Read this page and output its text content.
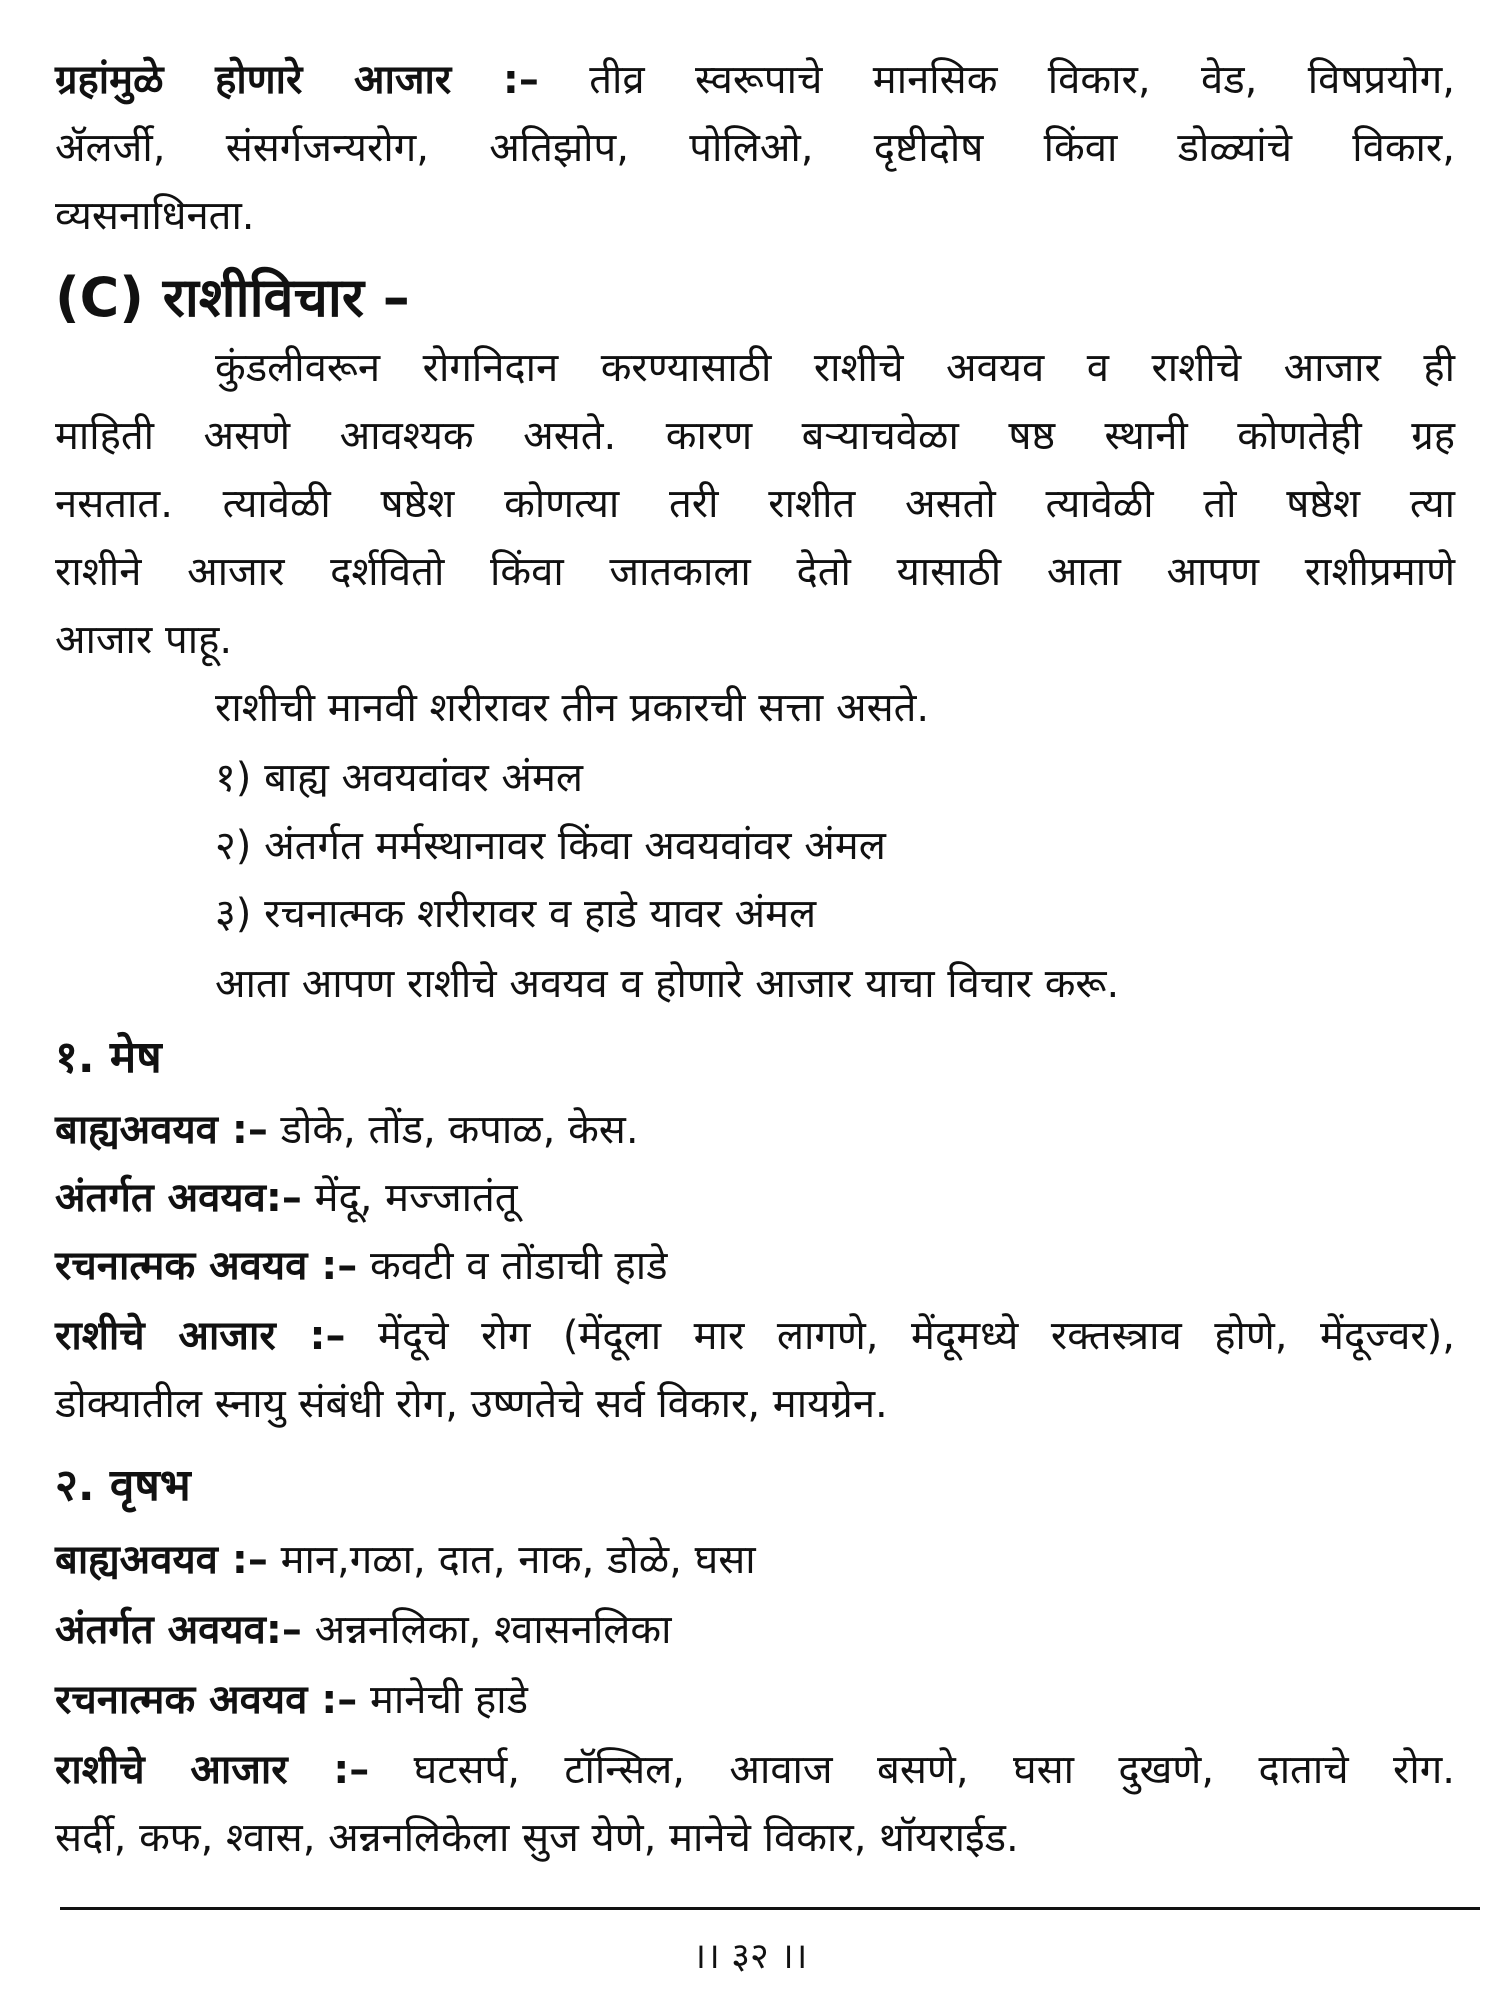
ग्रहांमुळे होणारे आजार :– तीव्र स्वरूपाचे मानसिक विकार, वेड, विषप्रयोग,
ॲलर्जी, संसर्गजन्यरोग, अतिझोप, पोलिओ, दृष्टीदोष किंवा डोळ्यांचे विकार,
व्यसनाधिनता.
(C) राशीविचार –
कुंडलीवरून रोगनिदान करण्यासाठी राशीचे अवयव व राशीचे आजार ही
माहिती असणे आवश्यक असते. कारण बऱ्याचवेळा षष्ठ स्थानी कोणतेही ग्रह
नसतात. त्यावेळी षष्ठेश कोणत्या तरी राशीत असतो त्यावेळी तो षष्ठेश त्या
राशीने आजार दर्शवितो किंवा जातकाला देतो यासाठी आता आपण राशीप्रमाणे
आजार पाहू.
राशीची मानवी शरीरावर तीन प्रकारची सत्ता असते.
१) बाह्य अवयवांवर अंमल
२) अंतर्गत मर्मस्थानावर किंवा अवयवांवर अंमल
३) रचनात्मक शरीरावर व हाडे यावर अंमल
आता आपण राशीचे अवयव व होणारे आजार याचा विचार करू.
१. मेष
बाह्यअवयव :– डोके, तोंड, कपाळ, केस.
अंतर्गत अवयव:– मेंदू, मज्जातंतू
रचनात्मक अवयव :– कवटी व तोंडाची हाडे
राशीचे आजार :– मेंदूचे रोग (मेंदूला मार लागणे, मेंदूमध्ये रक्तस्त्राव होणे, मेंदूज्वर),
डोक्यातील स्नायु संबंधी रोग, उष्णतेचे सर्व विकार, मायग्रेन.
२. वृषभ
बाह्यअवयव :– मान,गळा, दात, नाक, डोळे, घसा
अंतर्गत अवयव:– अन्ननलिका, श्वासनलिका
रचनात्मक अवयव :– मानेची हाडे
राशीचे आजार :– घटसर्प, टॉन्सिल, आवाज बसणे, घसा दुखणे, दाताचे रोग.
सर्दी, कफ, श्वास, अन्ननलिकेला सुज येणे, मानेचे विकार, थॉयराईड.
।। ३२ ।।
